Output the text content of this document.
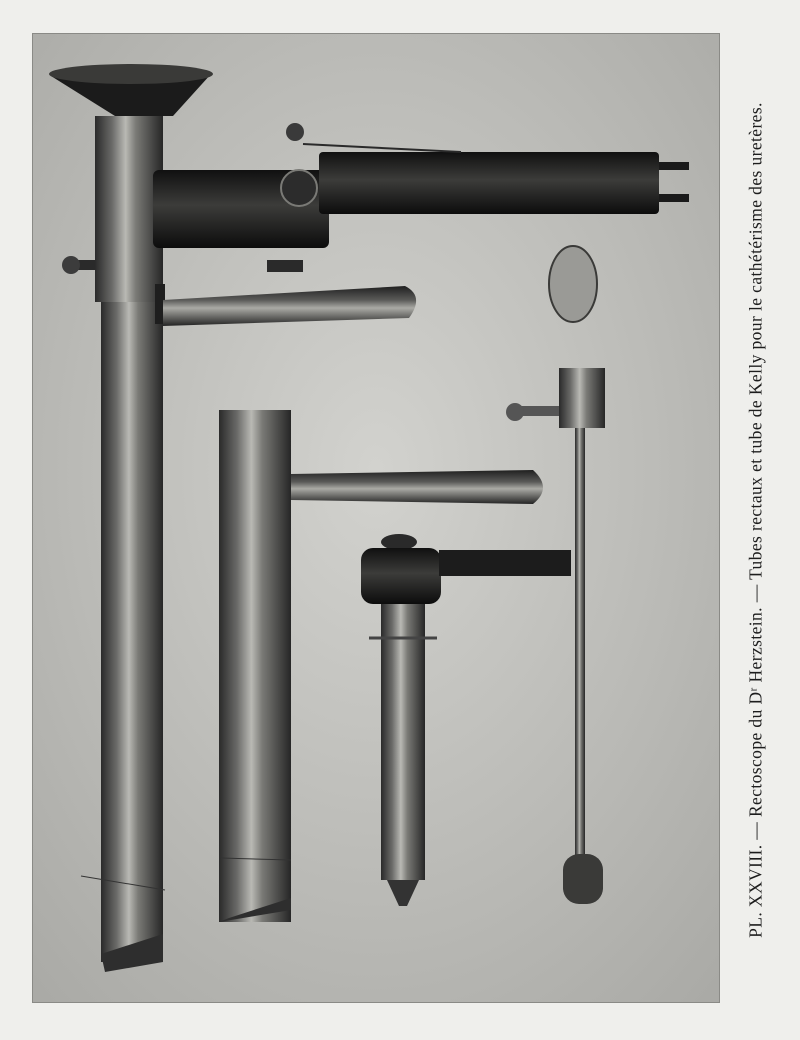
PL. XXVIII. — Rectoscope du Dʳ Herzstein. — Tubes rectaux et tube de Kelly pour le cathétérisme des uretères.
